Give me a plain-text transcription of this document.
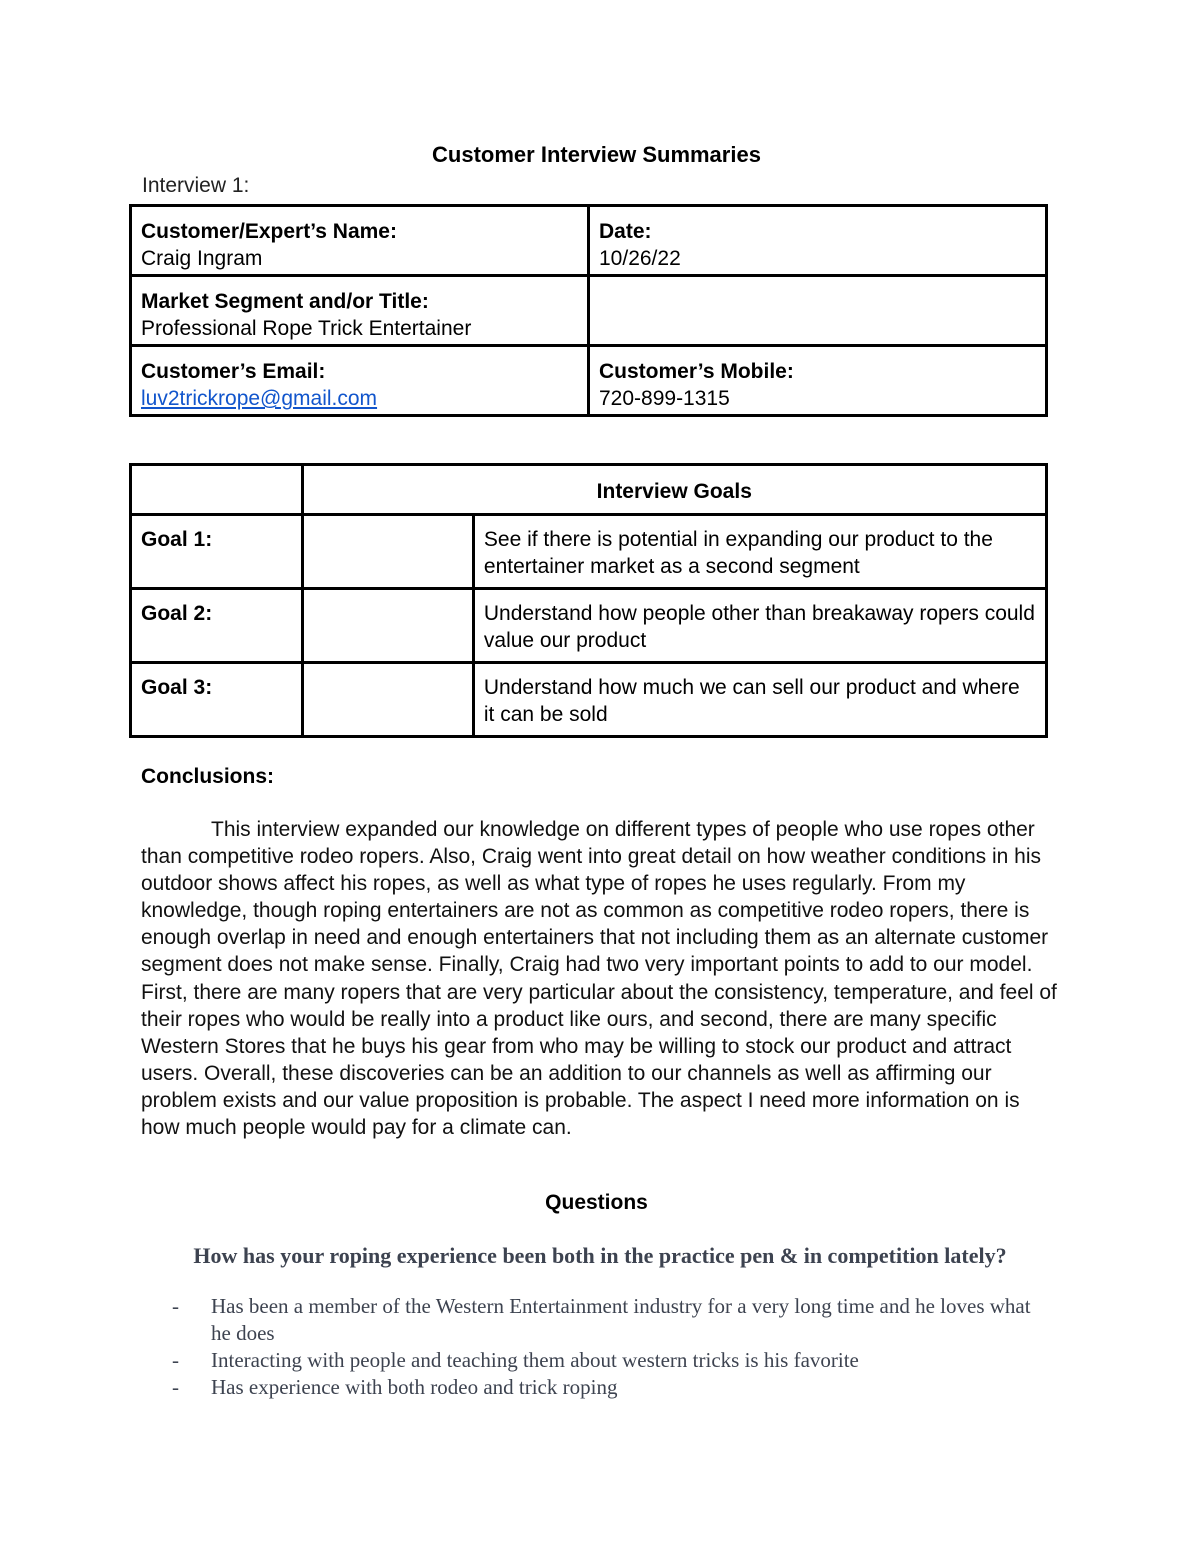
Customer Interview Summaries
Interview 1:
Customer/Expert’s Name:
Craig Ingram	Date:
10/26/22

Market Segment and/or Title:
Professional Rope Trick Entertainer	

Customer’s Email:
luv2trickrope@gmail.com	Customer’s Mobile:
720-899-1315

	Interview Goals	

Goal 1:		See if there is potential in expanding our product to the entertainer market as a second segment
Goal 2:		Understand how people other than breakaway ropers could value our product
Goal 3:		Understand how much we can sell our product and where it can be sold
Conclusions:
This interview expanded our knowledge on different types of people who use ropes other than competitive rodeo ropers. Also, Craig went into great detail on how weather conditions in his outdoor shows affect his ropes, as well as what type of ropes he uses regularly. From my knowledge, though roping entertainers are not as common as competitive rodeo ropers, there is enough overlap in need and enough entertainers that not including them as an alternate customer segment does not make sense. Finally, Craig had two very important points to add to our model. First, there are many ropers that are very particular about the consistency, temperature, and feel of their ropes who would be really into a product like ours, and second, there are many specific Western Stores that he buys his gear from who may be willing to stock our product and attract users. Overall, these discoveries can be an addition to our channels as well as affirming our problem exists and our value proposition is probable. The aspect I need more information on is how much people would pay for a climate can.
Questions
How has your roping experience been both in the practice pen & in competition lately?
- Has been a member of the Western Entertainment industry for a very long time and he loves what he does
- Interacting with people and teaching them about western tricks is his favorite
- Has experience with both rodeo and trick roping
